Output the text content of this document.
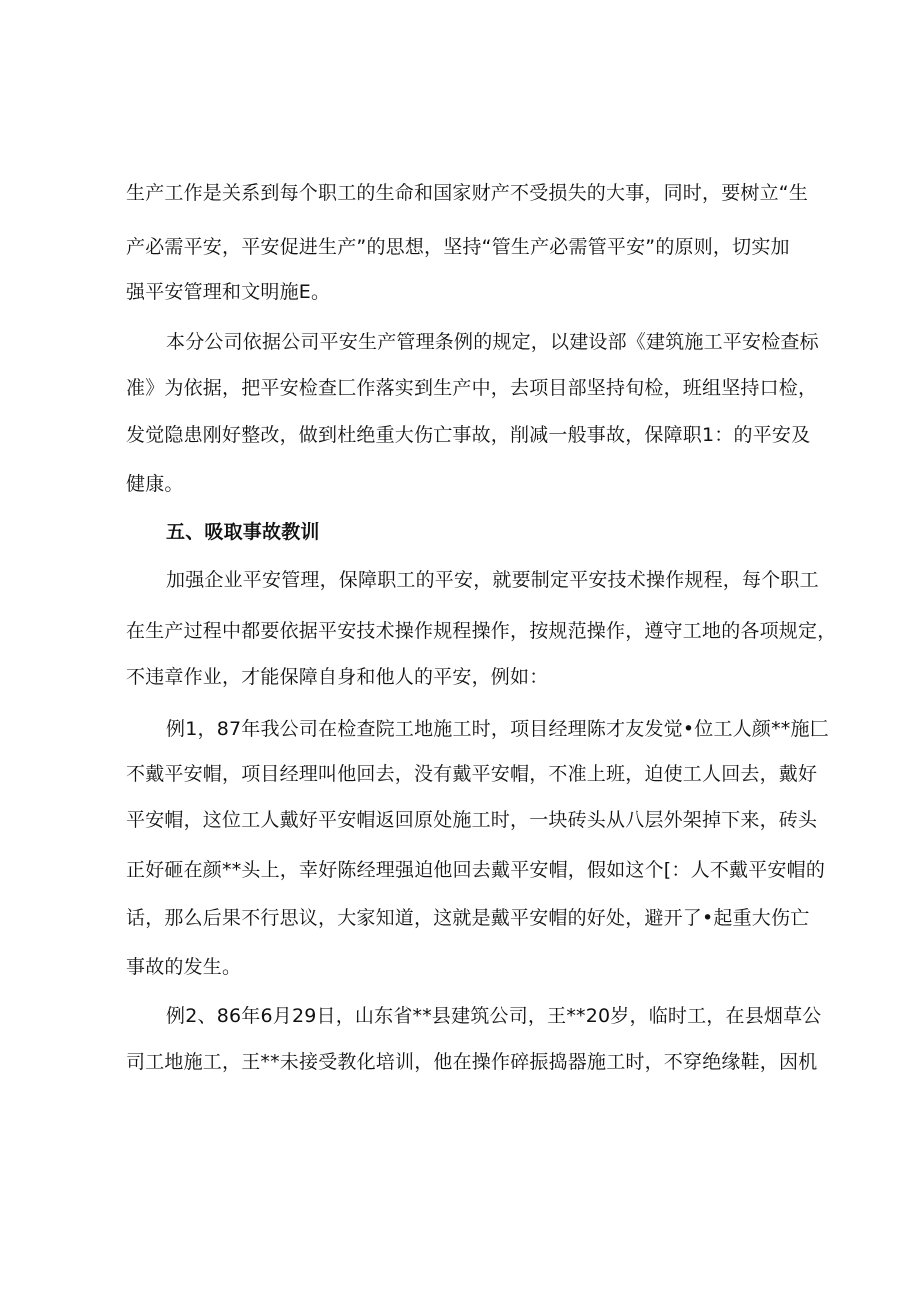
生产工作是关系到每个职工的生命和国家财产不受损失的大事，同时，要树立“生
产必需平安，平安促进生产”的思想，坚持“管生产必需管平安”的原则，切实加
强平安管理和文明施E。
本分公司依据公司平安生产管理条例的规定，以建设部《建筑施工平安检查标
准》为依据，把平安检查匚作落实到生产中，去项目部坚持旬检，班组坚持口检，
发觉隐患刚好整改，做到杜绝重大伤亡事故，削减一般事故，保障职1：的平安及
健康。
五、吸取事故教训
加强企业平安管理，保障职工的平安，就要制定平安技术操作规程，每个职工
在生产过程中都要依据平安技术操作规程操作，按规范操作，遵守工地的各项规定，
不违章作业，才能保障自身和他人的平安，例如：
例1，87年我公司在检查院工地施工时，项目经理陈才友发觉•位工人颜**施匚
不戴平安帽，项目经理叫他回去，没有戴平安帽，不准上班，迫使工人回去，戴好
平安帽，这位工人戴好平安帽返回原处施工时，一块砖头从八层外架掉下来，砖头
正好砸在颜**头上，幸好陈经理强迫他回去戴平安帽，假如这个[：人不戴平安帽的
话，那么后果不行思议，大家知道，这就是戴平安帽的好处，避开了•起重大伤亡
事故的发生。
例2、86年6月29日，山东省**县建筑公司，王**20岁，临时工，在县烟草公
司工地施工，王**未接受教化培训，他在操作碎振捣器施工时，不穿绝缘鞋，因机
